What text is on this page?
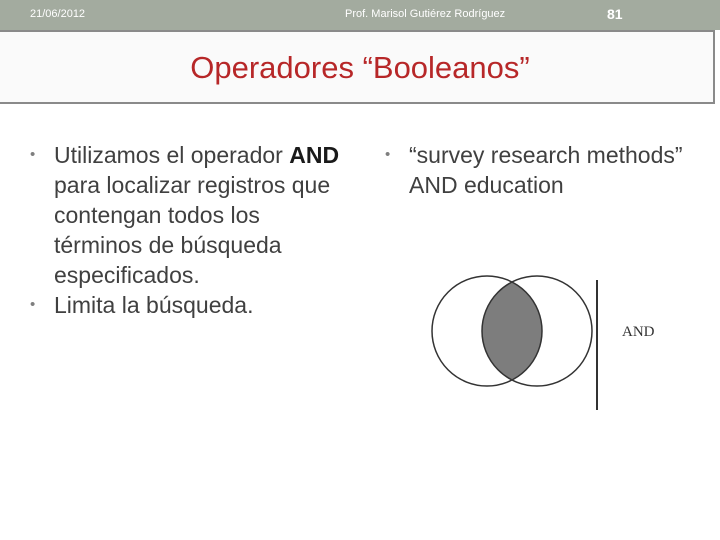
21/06/2012	Prof. Marisol Gutiérez Rodríguez	81
Operadores “Booleanos”

• Utilizamos el operador AND para localizar registros que contengan todos los términos de búsqueda especificados.

• Limita la búsqueda.

• “survey research methods” AND education

AND
